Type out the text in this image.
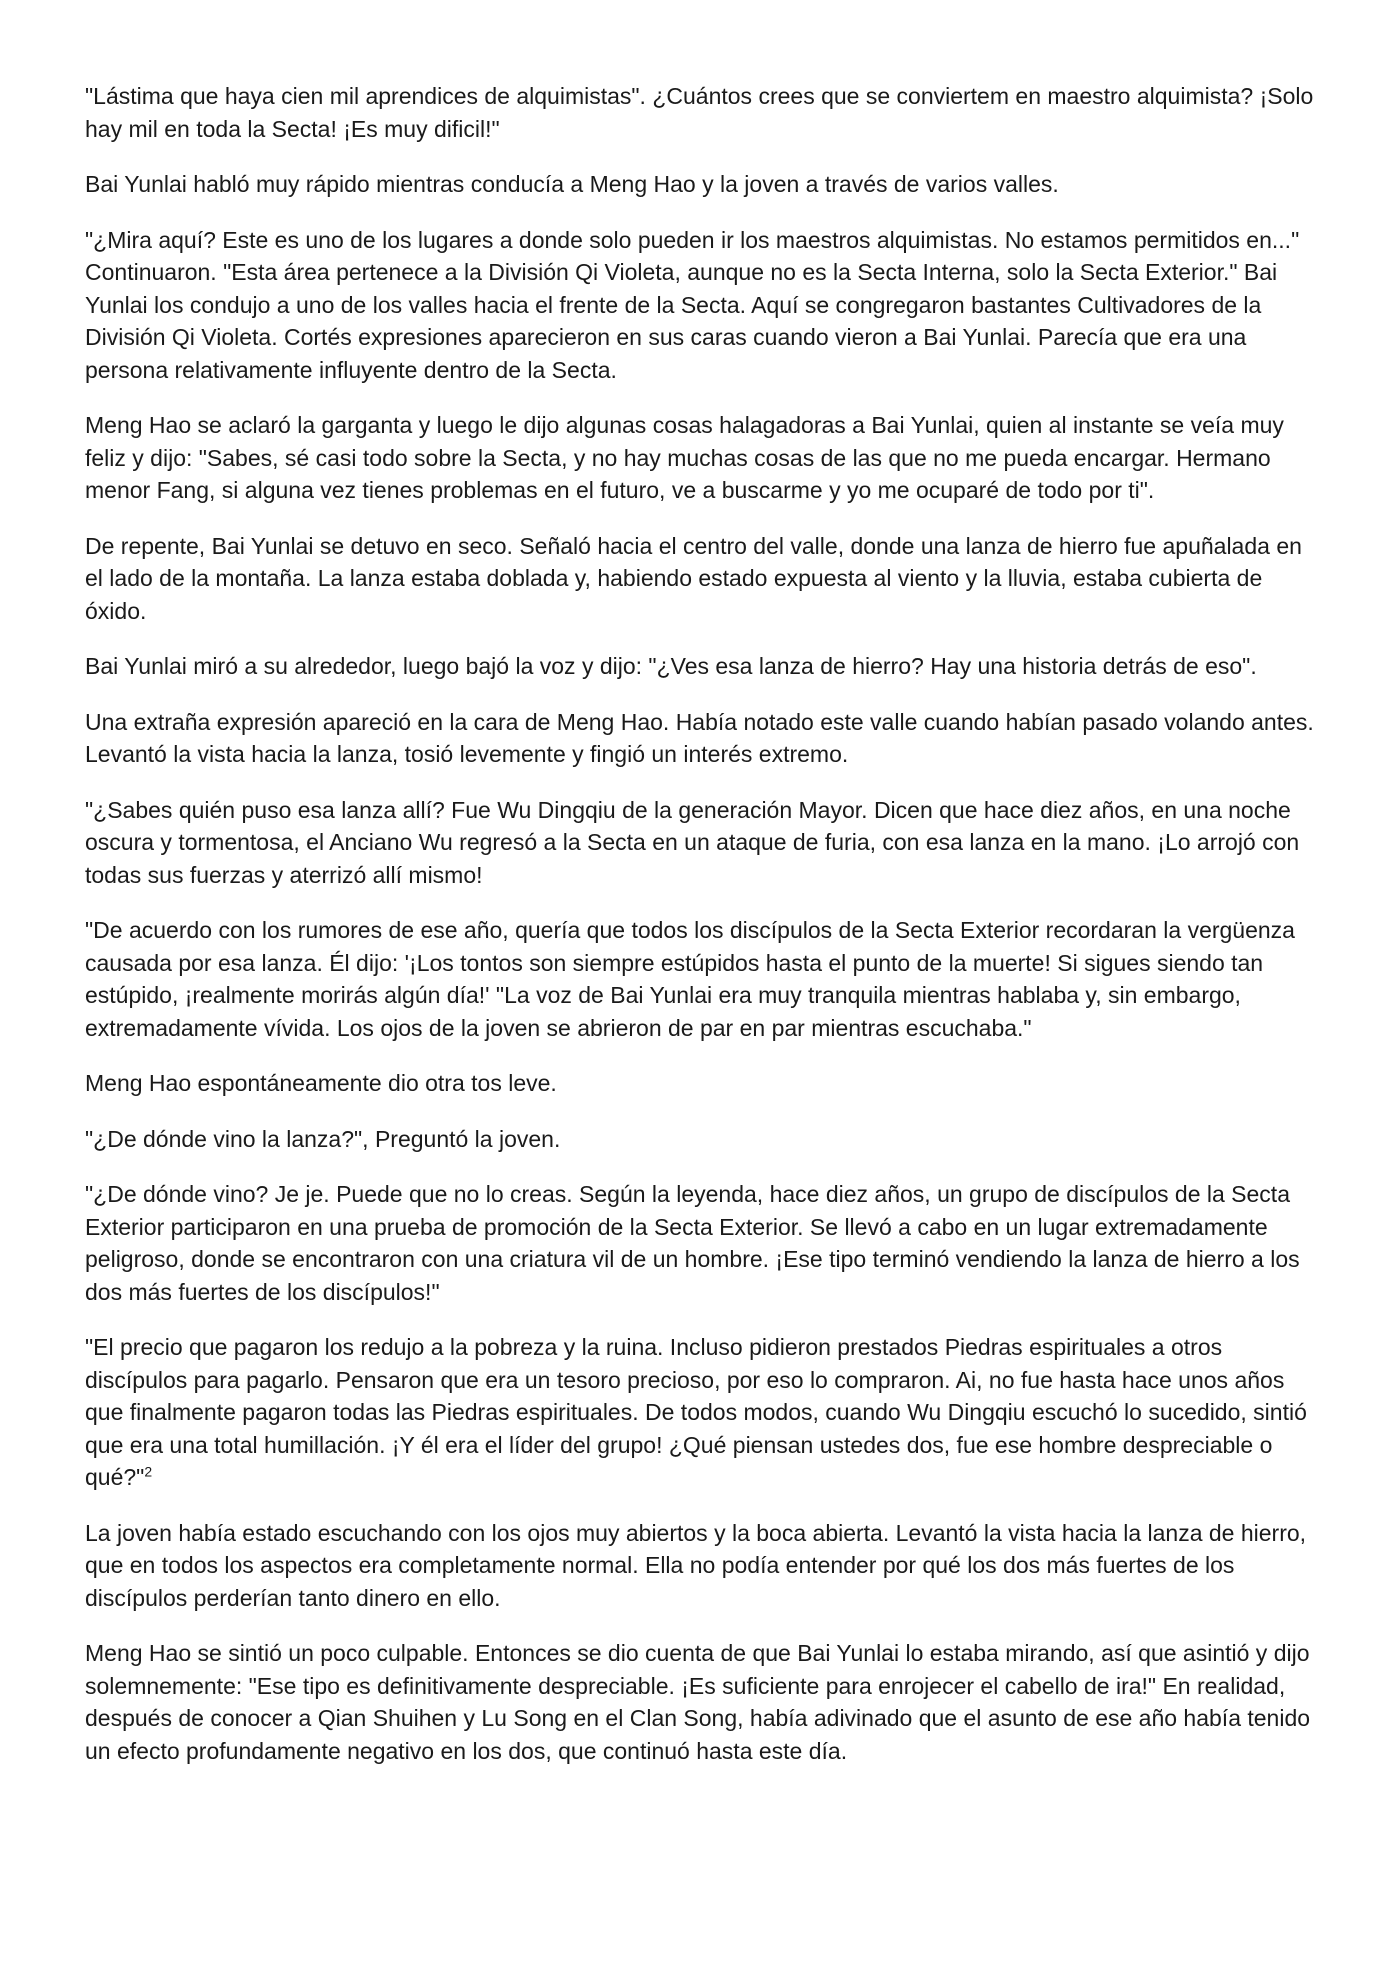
"Lástima que haya cien mil aprendices de alquimistas". ¿Cuántos crees que se conviertem en maestro alquimista? ¡Solo hay mil en toda la Secta! ¡Es muy dificil!"

Bai Yunlai habló muy rápido mientras conducía a Meng Hao y la joven a través de varios valles.

"¿Mira aquí? Este es uno de los lugares a donde solo pueden ir los maestros alquimistas. No estamos permitidos en..." Continuaron. "Esta área pertenece a la División Qi Violeta, aunque no es la Secta Interna, solo la Secta Exterior." Bai Yunlai los condujo a uno de los valles hacia el frente de la Secta. Aquí se congregaron bastantes Cultivadores de la División Qi Violeta. Cortés expresiones aparecieron en sus caras cuando vieron a Bai Yunlai. Parecía que era una persona relativamente influyente dentro de la Secta.

Meng Hao se aclaró la garganta y luego le dijo algunas cosas halagadoras a Bai Yunlai, quien al instante se veía muy feliz y dijo: "Sabes, sé casi todo sobre la Secta, y no hay muchas cosas de las que no me pueda encargar. Hermano menor Fang, si alguna vez tienes problemas en el futuro, ve a buscarme y yo me ocuparé de todo por ti".

De repente, Bai Yunlai se detuvo en seco. Señaló hacia el centro del valle, donde una lanza de hierro fue apuñalada en el lado de la montaña. La lanza estaba doblada y, habiendo estado expuesta al viento y la lluvia, estaba cubierta de óxido.

Bai Yunlai miró a su alrededor, luego bajó la voz y dijo: "¿Ves esa lanza de hierro? Hay una historia detrás de eso".

Una extraña expresión apareció en la cara de Meng Hao. Había notado este valle cuando habían pasado volando antes. Levantó la vista hacia la lanza, tosió levemente y fingió un interés extremo.

"¿Sabes quién puso esa lanza allí? Fue Wu Dingqiu de la generación Mayor. Dicen que hace diez años, en una noche oscura y tormentosa, el Anciano Wu regresó a la Secta en un ataque de furia, con esa lanza en la mano. ¡Lo arrojó con todas sus fuerzas y aterrizó allí mismo!

"De acuerdo con los rumores de ese año, quería que todos los discípulos de la Secta Exterior recordaran la vergüenza causada por esa lanza. Él dijo: '¡Los tontos son siempre estúpidos hasta el punto de la muerte! Si sigues siendo tan estúpido, ¡realmente morirás algún día!' "La voz de Bai Yunlai era muy tranquila mientras hablaba y, sin embargo, extremadamente vívida. Los ojos de la joven se abrieron de par en par mientras escuchaba."

Meng Hao espontáneamente dio otra tos leve.

"¿De dónde vino la lanza?", Preguntó la joven.

"¿De dónde vino? Je je. Puede que no lo creas. Según la leyenda, hace diez años, un grupo de discípulos de la Secta Exterior participaron en una prueba de promoción de la Secta Exterior. Se llevó a cabo en un lugar extremadamente peligroso, donde se encontraron con una criatura vil de un hombre. ¡Ese tipo terminó vendiendo la lanza de hierro a los dos más fuertes de los discípulos!"

"El precio que pagaron los redujo a la pobreza y la ruina. Incluso pidieron prestados Piedras espirituales a otros discípulos para pagarlo. Pensaron que era un tesoro precioso, por eso lo compraron. Ai, no fue hasta hace unos años que finalmente pagaron todas las Piedras espirituales. De todos modos, cuando Wu Dingqiu escuchó lo sucedido, sintió que era una total humillación. ¡Y él era el líder del grupo! ¿Qué piensan ustedes dos, fue ese hombre despreciable o qué?"$^2$

La joven había estado escuchando con los ojos muy abiertos y la boca abierta. Levantó la vista hacia la lanza de hierro, que en todos los aspectos era completamente normal. Ella no podía entender por qué los dos más fuertes de los discípulos perderían tanto dinero en ello.

Meng Hao se sintió un poco culpable. Entonces se dio cuenta de que Bai Yunlai lo estaba mirando, así que asintió y dijo solemnemente: "Ese tipo es definitivamente despreciable. ¡Es suficiente para enrojecer el cabello de ira!" En realidad, después de conocer a Qian Shuihen y Lu Song en el Clan Song, había adivinado que el asunto de ese año había tenido un efecto profundamente negativo en los dos, que continuó hasta este día.
